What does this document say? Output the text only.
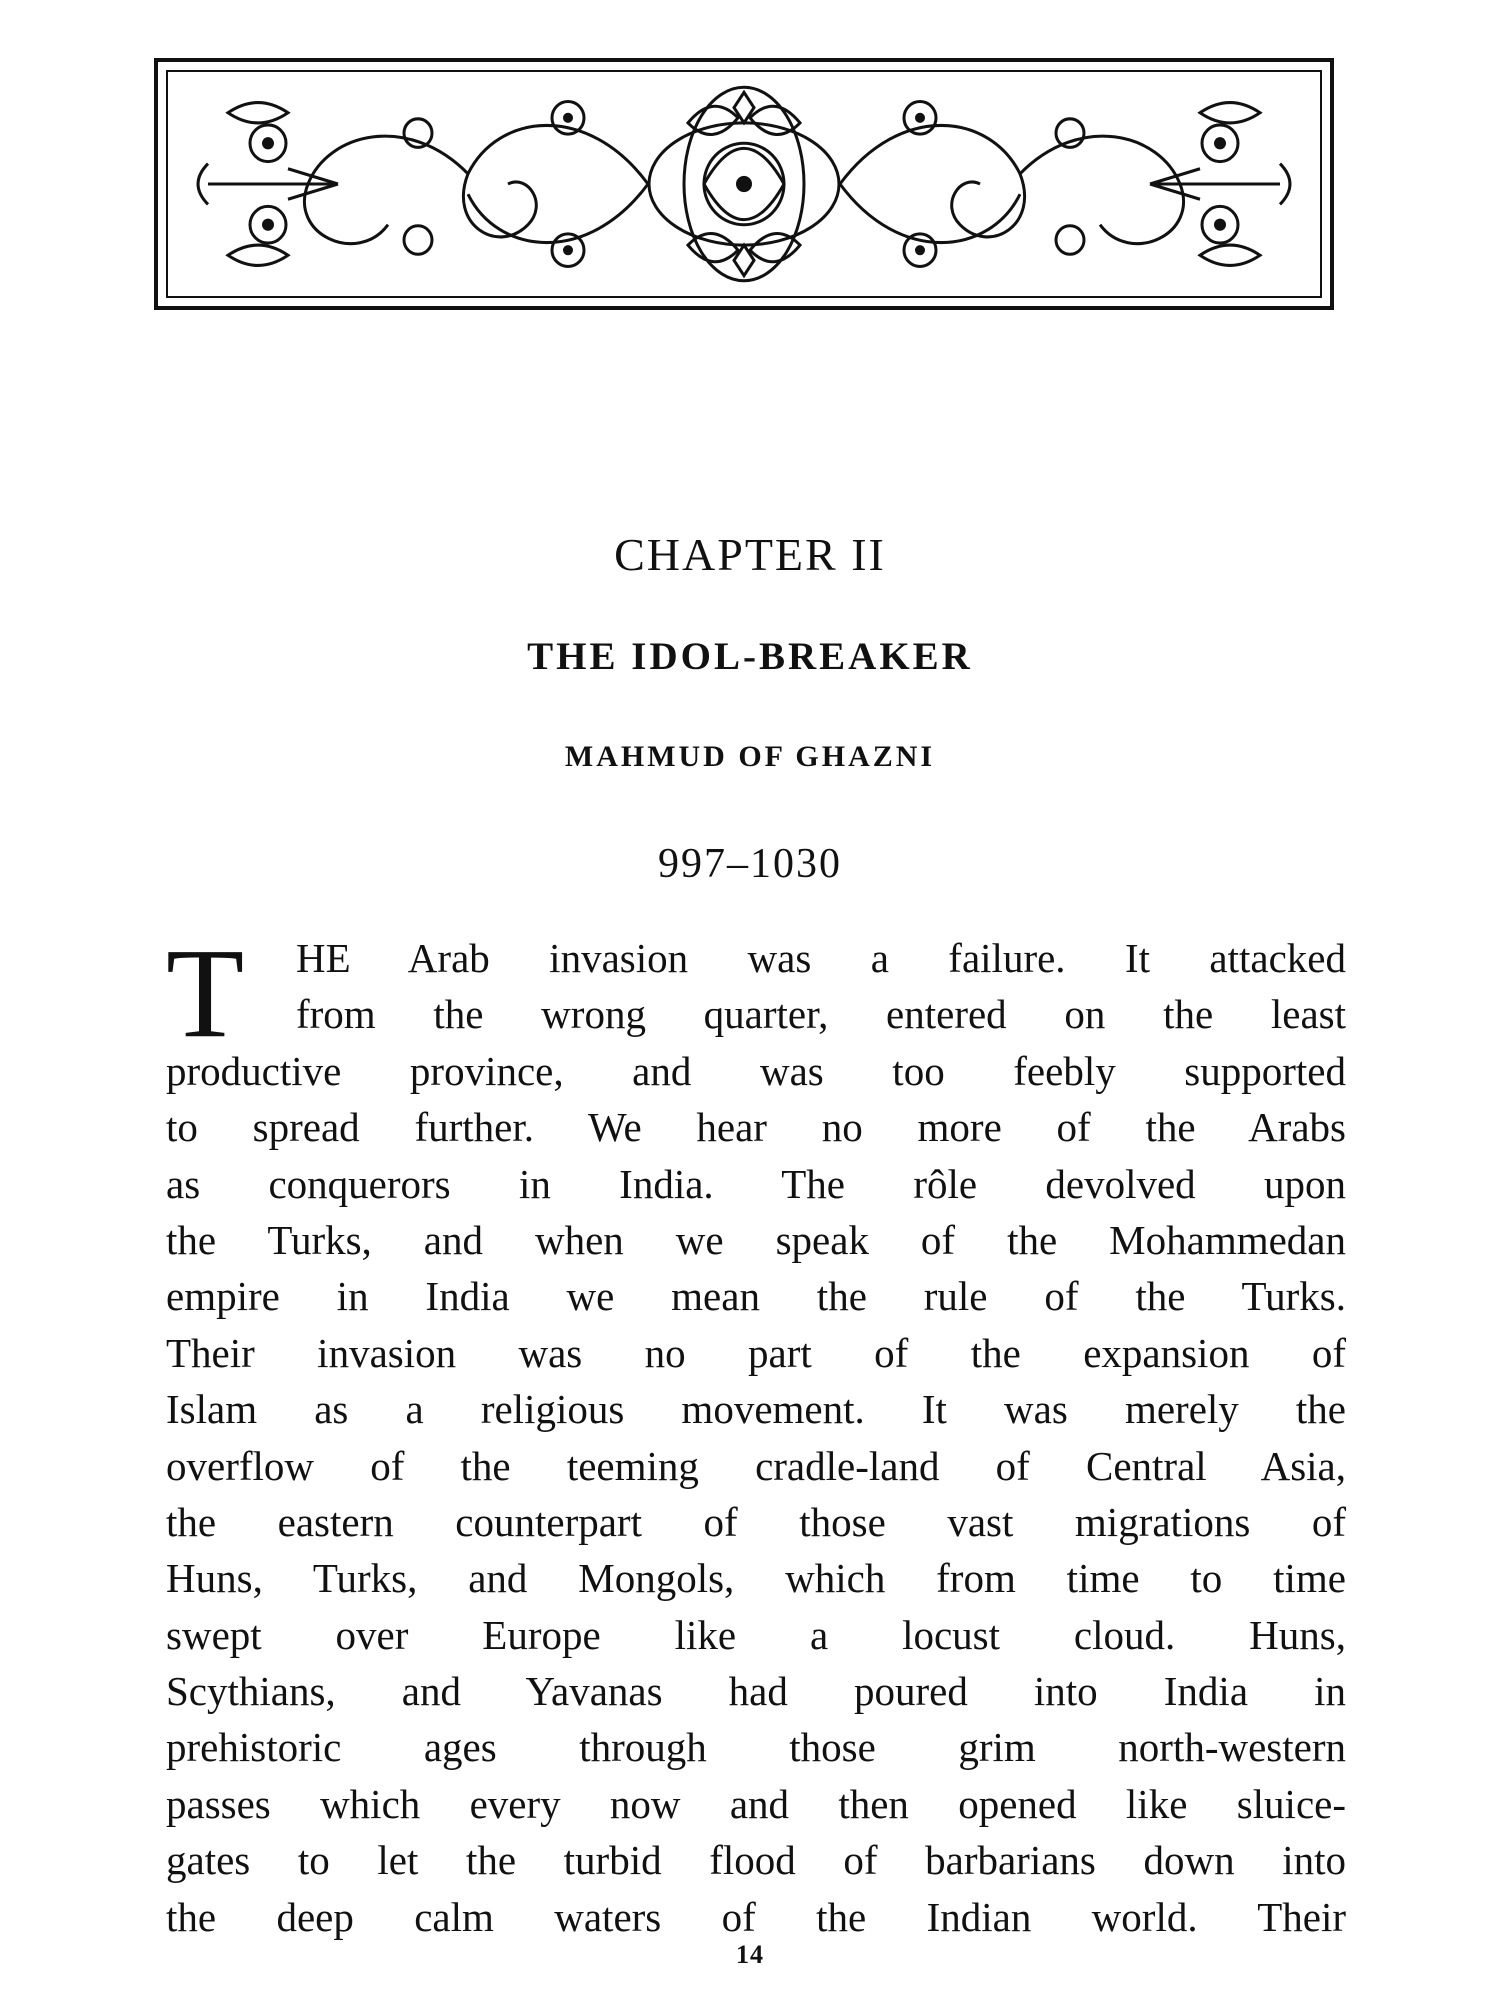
CHAPTER II
THE IDOL-BREAKER
MAHMUD OF GHAZNI
997–1030
T	HE Arab invasion was a failure. It attacked
from the wrong quarter, entered on the least
productive province, and was too feebly supported
to spread further. We hear no more of the Arabs
as conquerors in India. The rôle devolved upon
the Turks, and when we speak of the Mohammedan
empire in India we mean the rule of the Turks.
Their invasion was no part of the expansion of
Islam as a religious movement. It was merely the
overflow of the teeming cradle-land of Central Asia,
the eastern counterpart of those vast migrations of
Huns, Turks, and Mongols, which from time to time
swept over Europe like a locust cloud. Huns,
Scythians, and Yavanas had poured into India in
prehistoric ages through those grim north-western
passes which every now and then opened like sluice-
gates to let the turbid flood of barbarians down into
the deep calm waters of the Indian world. Their
14
